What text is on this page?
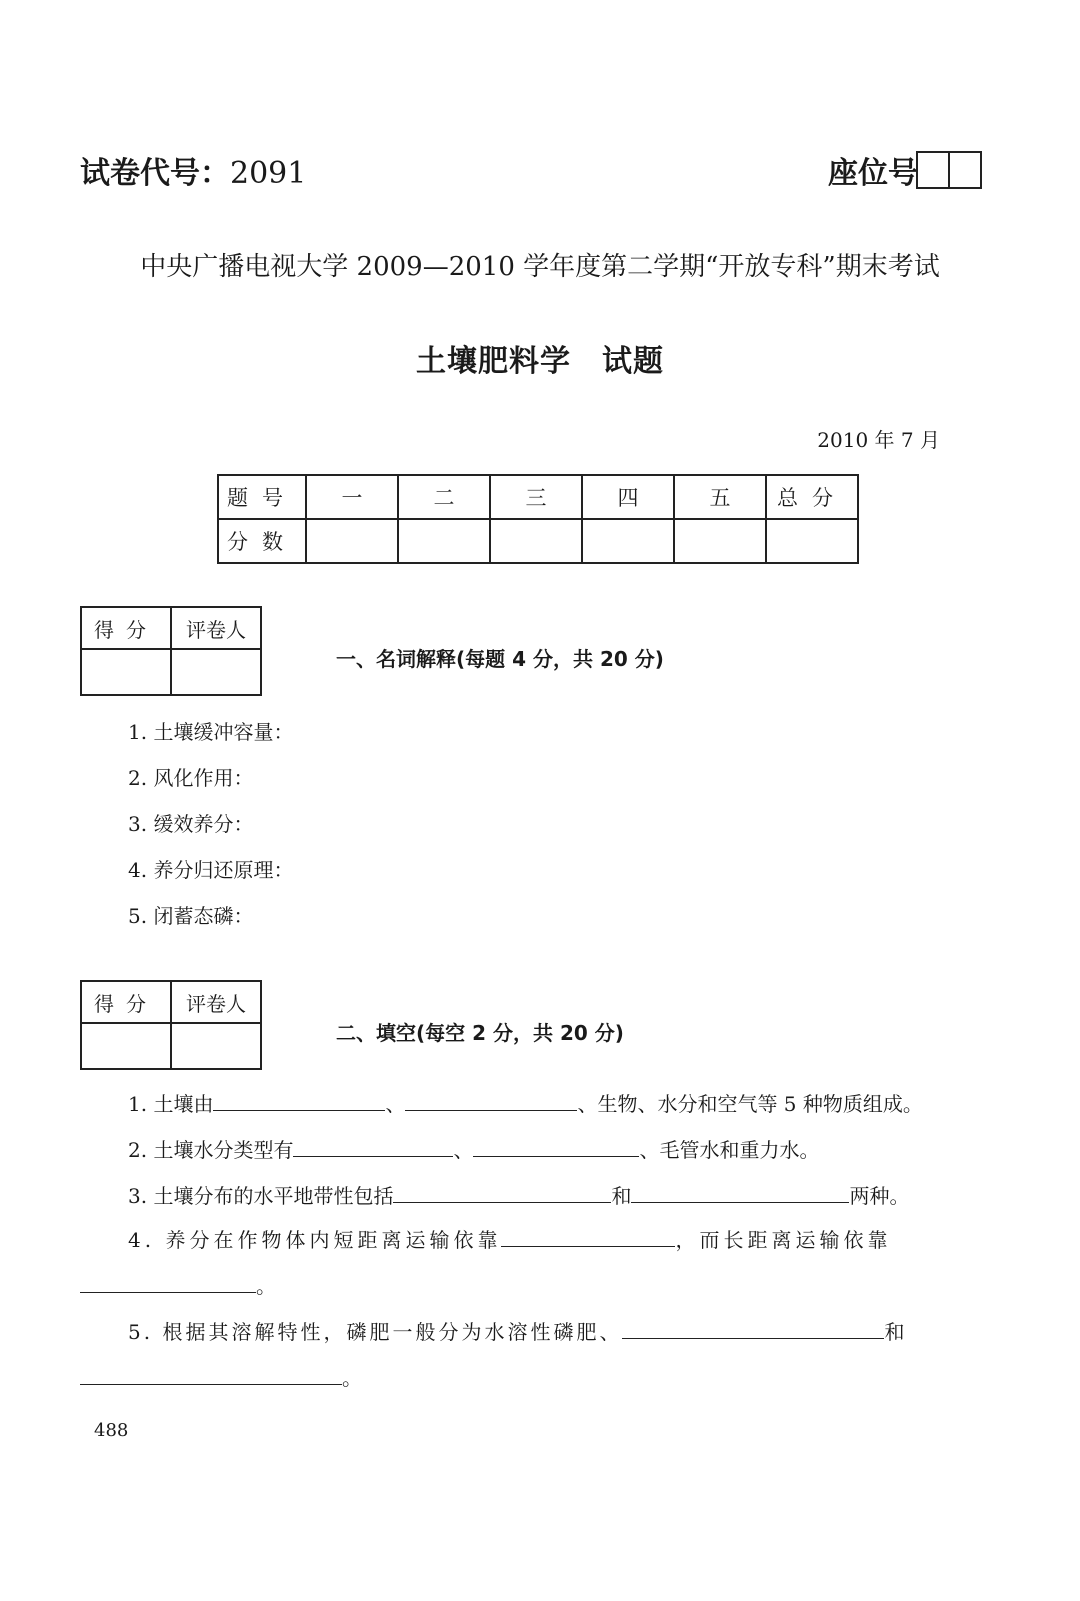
试卷代号：2091	座位号
中央广播电视大学 2009—2010 学年度第二学期“开放专科”期末考试
土壤肥料学　试题
2010 年 7 月
题号	一	二	三	四	五	总分
分数						
得分	评卷人

一、名词解释(每题 4 分，共 20 分)
1. 土壤缓冲容量：
2. 风化作用：
3. 缓效养分：
4. 养分归还原理：
5. 闭蓄态磷：
得分	评卷人

二、填空(每空 2 分，共 20 分)
1. 土壤由	、	、生物、水分和空气等 5 种物质组成。
2. 土壤水分类型有	、	、毛管水和重力水。
3. 土壤分布的水平地带性包括	和	两种。
4. 养分在作物体内短距离运输依靠	，而长距离运输依靠
。
5. 根据其溶解特性，磷肥一般分为水溶性磷肥、	和
。
488
